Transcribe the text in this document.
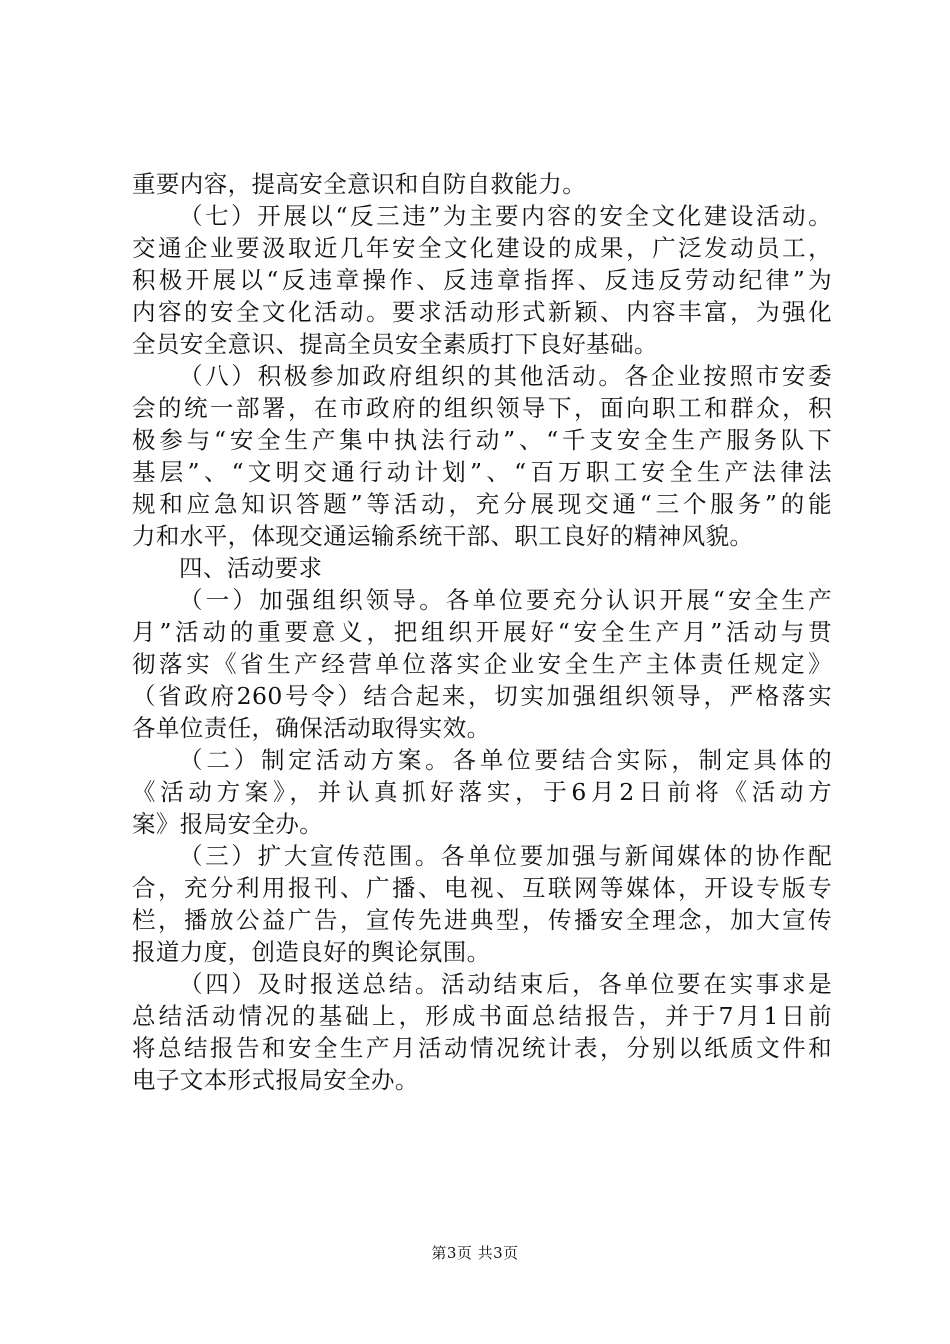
重要内容，提高安全意识和自防自救能力。
（七）开展以“反三违”为主要内容的安全文化建设活动。
交通企业要汲取近几年安全文化建设的成果，广泛发动员工，
积极开展以“反违章操作、反违章指挥、反违反劳动纪律”为
内容的安全文化活动。要求活动形式新颖、内容丰富，为强化
全员安全意识、提高全员安全素质打下良好基础。
（八）积极参加政府组织的其他活动。各企业按照市安委
会的统一部署，在市政府的组织领导下，面向职工和群众，积
极参与“安全生产集中执法行动”、“千支安全生产服务队下
基层”、“文明交通行动计划”、“百万职工安全生产法律法
规和应急知识答题”等活动，充分展现交通“三个服务”的能
力和水平，体现交通运输系统干部、职工良好的精神风貌。
四、活动要求
（一）加强组织领导。各单位要充分认识开展“安全生产
月”活动的重要意义，把组织开展好“安全生产月”活动与贯
彻落实《省生产经营单位落实企业安全生产主体责任规定》
（省政府260号令）结合起来，切实加强组织领导，严格落实
各单位责任，确保活动取得实效。
（二）制定活动方案。各单位要结合实际，制定具体的
《活动方案》，并认真抓好落实，于6月2日前将《活动方
案》报局安全办。
（三）扩大宣传范围。各单位要加强与新闻媒体的协作配
合，充分利用报刊、广播、电视、互联网等媒体，开设专版专
栏，播放公益广告，宣传先进典型，传播安全理念，加大宣传
报道力度，创造良好的舆论氛围。
（四）及时报送总结。活动结束后，各单位要在实事求是
总结活动情况的基础上，形成书面总结报告，并于7月1日前
将总结报告和安全生产月活动情况统计表，分别以纸质文件和
电子文本形式报局安全办。
第3页 共3页
